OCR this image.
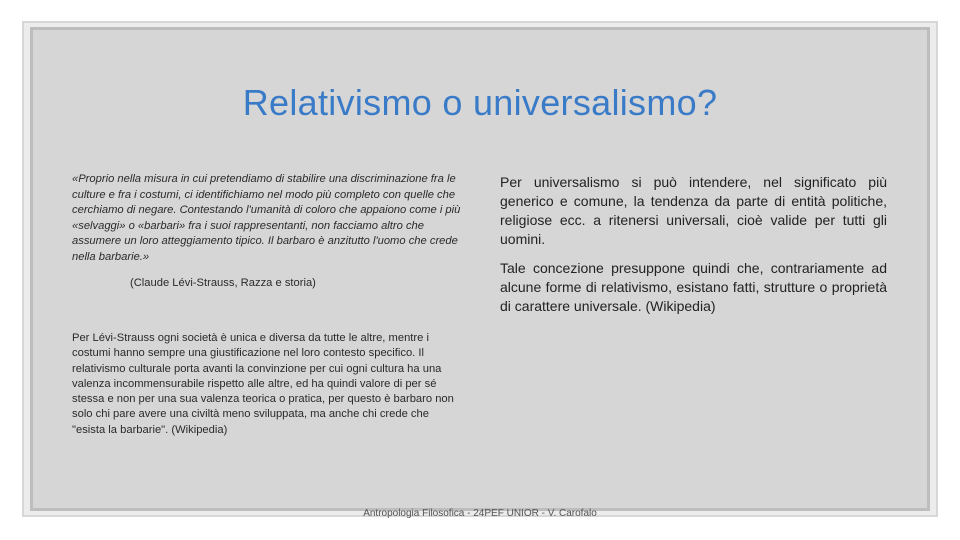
Relativismo o universalismo?

«Proprio nella misura in cui pretendiamo di stabilire una discriminazione fra le culture e fra i costumi, ci identifichiamo nel modo più completo con quelle che cerchiamo di negare. Contestando l'umanità di coloro che appaiono come i più «selvaggi» o «barbari» fra i suoi rappresentanti, non facciamo altro che assumere un loro atteggiamento tipico. Il barbaro è anzitutto l'uomo che crede nella barbarie.»

(Claude Lévi-Strauss, Razza e storia)

Per Lévi-Strauss ogni società è unica e diversa da tutte le altre, mentre i costumi hanno sempre una giustificazione nel loro contesto specifico. Il relativismo culturale porta avanti la convinzione per cui ogni cultura ha una valenza incommensurabile rispetto alle altre, ed ha quindi valore di per sé stessa e non per una sua valenza teorica o pratica, per questo è barbaro non solo chi pare avere una civiltà meno sviluppata, ma anche chi crede che "esista la barbarie". (Wikipedia)

Per universalismo si può intendere, nel significato più generico e comune, la tendenza da parte di entità politiche, religiose ecc. a ritenersi universali, cioè valide per tutti gli uomini.

Tale concezione presuppone quindi che, contrariamente ad alcune forme di relativismo, esistano fatti, strutture o proprietà di carattere universale. (Wikipedia)

Antropologia Filosofica - 24PEF UNIOR - V. Carofalo
